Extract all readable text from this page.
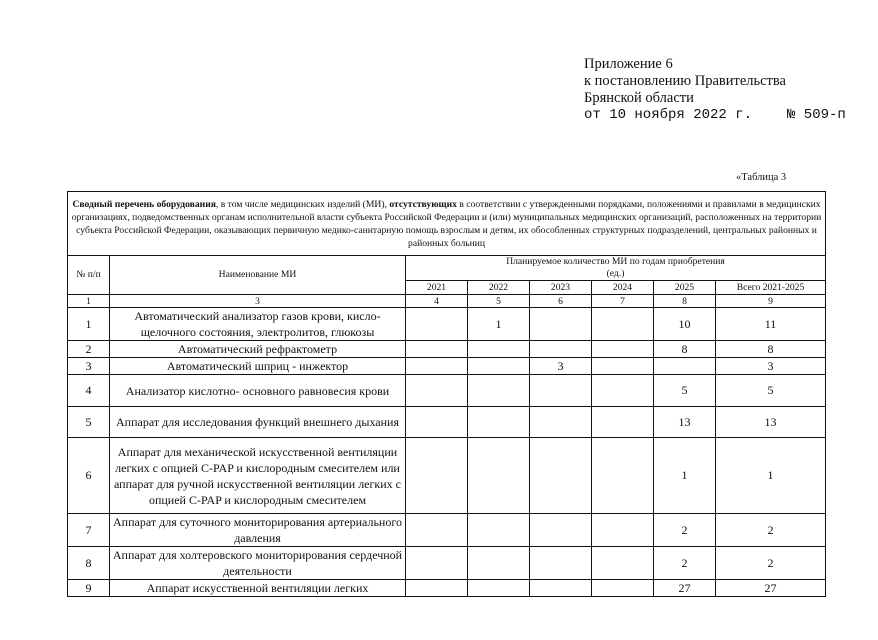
Приложение 6
к постановлению Правительства
Брянской области
от 10 ноября 2022 г. № 509-п
«Таблица 3
Сводный перечень оборудования, в том числе медицинских изделий (МИ), отсутствующих в соответствии с утвержденными порядками, положениями и правилами в медицинских организациях, подведомственных органам исполнительной власти субъекта Российской Федерации и (или) муниципальных медицинских организаций, расположенных на территории субъекта Российской Федерации, оказывающих первичную медико-санитарную помощь взрослым и детям, их обособленных структурных подразделений, центральных районных и районных больниц							
№ п/п	Наименование МИ	Планируемое количество МИ по годам приобретения
(ед.)					

		2021	2022	2023	2024	2025	Всего 2021-2025
1	3	4	5	6	7	8	9
1	Автоматический анализатор газов крови, кисло-щелочного состояния, электролитов, глюкозы		1			10	11
2	Автоматический рефрактометр					8	8
3	Автоматический шприц - инжектор			3			3
4	Анализатор кислотно- основного равновесия крови					5	5
5	Аппарат для исследования функций внешнего дыхания					13	13
6	Аппарат для механической искусственной вентиляции легких с опцией C-PAP и кислородным смесителем или аппарат для ручной искусственной вентиляции легких с опцией C-PAP и кислородным смесителем					1	1
7	Аппарат для суточного мониторирования артериального давления					2	2
8	Аппарат для холтеровского мониторирования сердечной деятельности					2	2
9	Аппарат искусственной вентиляции легких					27	27
